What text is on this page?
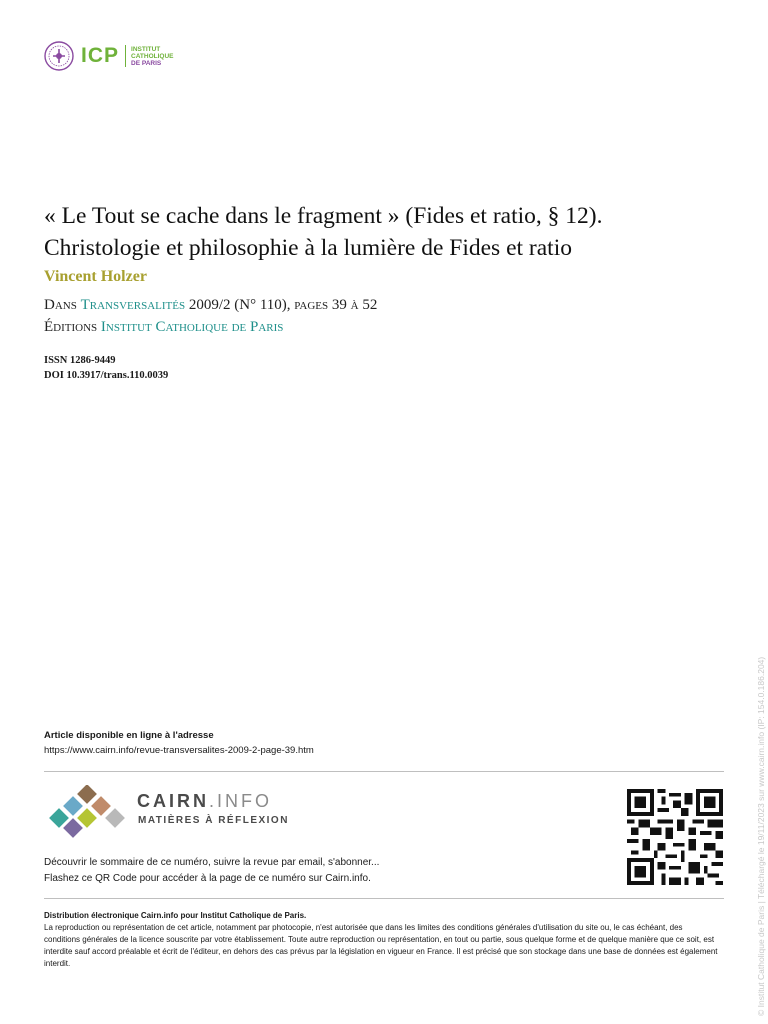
ICP INSTITUT
CATHOLIQUE
DE PARIS
« Le Tout se cache dans le fragment » (Fides et ratio, § 12).
Christologie et philosophie à la lumière de Fides et ratio
Vincent Holzer
Dans Transversalités 2009/2 (N° 110), pages 39 à 52
Éditions Institut Catholique de Paris
ISSN 1286-9449
DOI 10.3917/trans.110.0039
Article disponible en ligne à l'adresse
https://www.cairn.info/revue-transversalites-2009-2-page-39.htm
CAIRN.INFO
MATIÈRES À RÉFLEXION
Découvrir le sommaire de ce numéro, suivre la revue par email, s'abonner...
Flashez ce QR Code pour accéder à la page de ce numéro sur Cairn.info.
Distribution électronique Cairn.info pour Institut Catholique de Paris.
La reproduction ou représentation de cet article, notamment par photocopie, n'est autorisée que dans les limites des conditions générales d'utilisation du site ou, le cas échéant, des conditions générales de la licence souscrite par votre établissement. Toute autre reproduction ou représentation, en tout ou partie, sous quelque forme et de quelque manière que ce soit, est interdite sauf accord préalable et écrit de l'éditeur, en dehors des cas prévus par la législation en vigueur en France. Il est précisé que son stockage dans une base de données est également interdit.	© Institut Catholique de Paris | Téléchargé le 19/11/2023 sur www.cairn.info (IP: 154.0.186.204)
